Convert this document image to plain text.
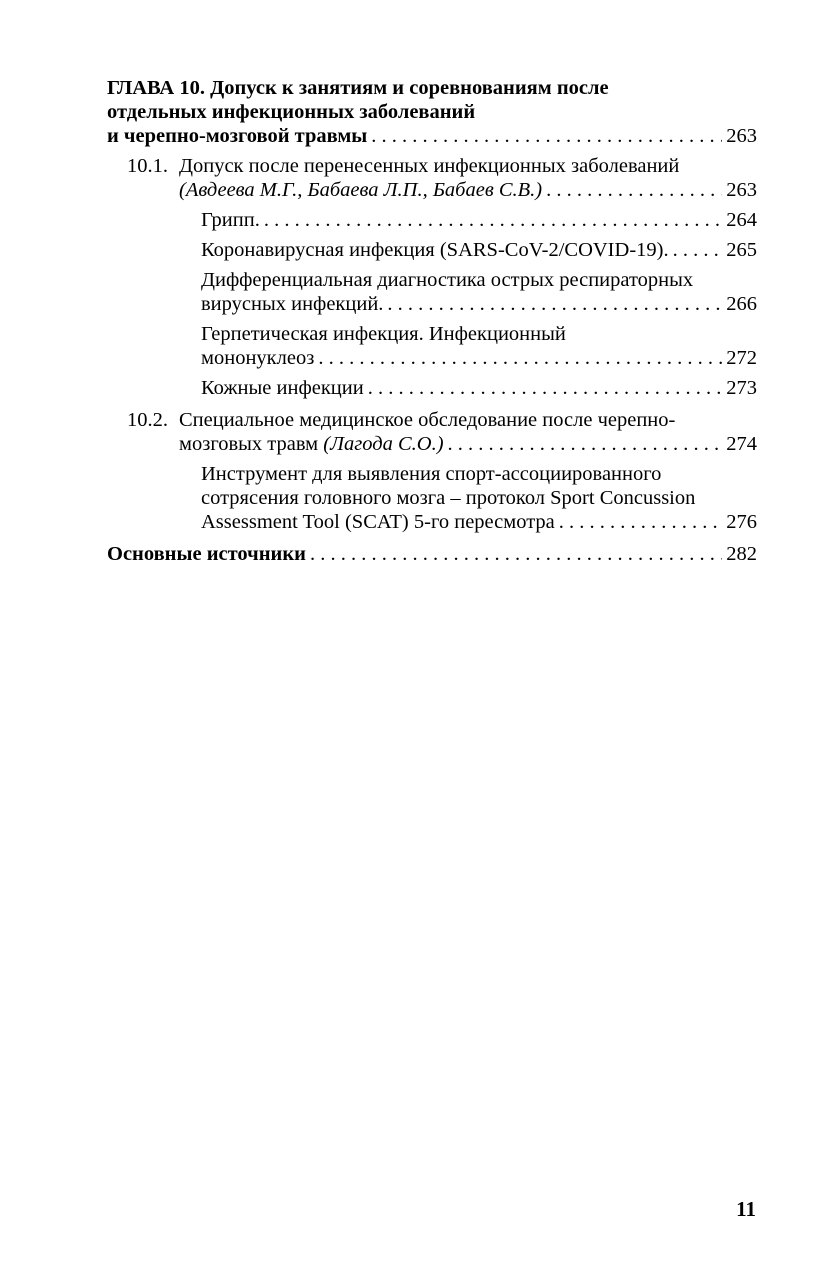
ГЛАВА 10. Допуск к занятиям и соревнованиям после
отдельных инфекционных заболеваний
и черепно-мозговой травмы . . .	263
10.1. Допуск после перенесенных инфекционных заболеваний
(Авдеева М.Г., Бабаева Л.П., Бабаев С.В.) . . .	263
Грипп. . . .	264
Коронавирусная инфекция (SARS-CoV-2/COVID-19). . . .	265
Дифференциальная диагностика острых респираторных
вирусных инфекций. . . .	266
Герпетическая инфекция. Инфекционный
мононуклеоз . . .	272
Кожные инфекции . . .	273
10.2. Специальное медицинское обследование после черепно-
мозговых травм
(Лагода С.О.) . . .	274
Инструмент для выявления спорт-ассоциированного
сотрясения головного мозга – протокол Sport Concussion
Assessment Tool (SCAT) 5-го пересмотра . . .	276
Основные источники . . .	282
11
